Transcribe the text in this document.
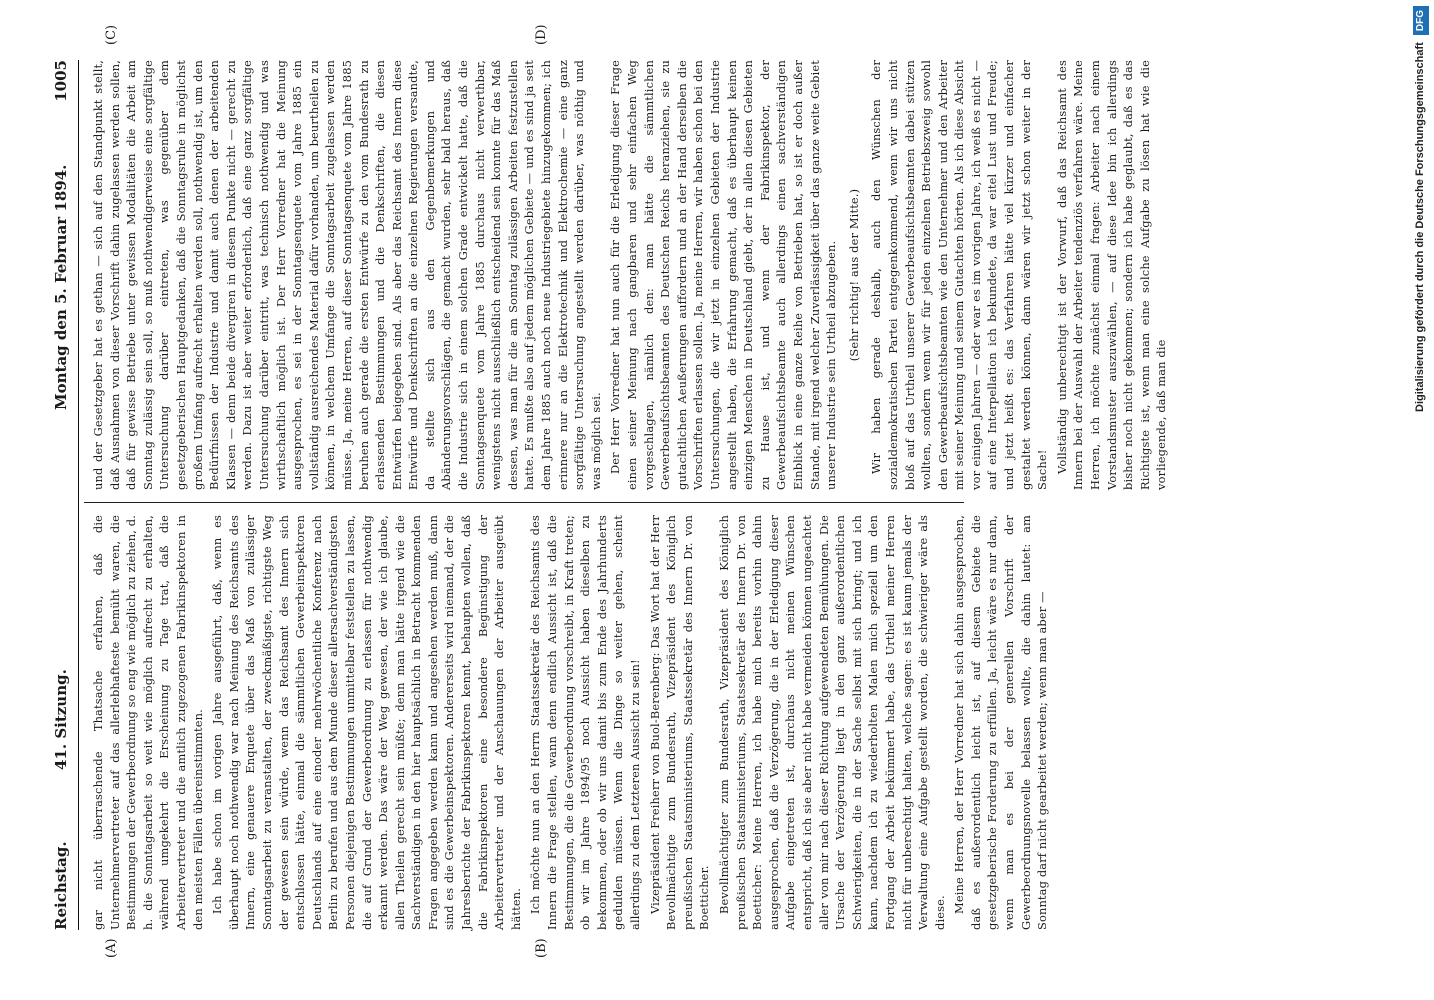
Reichstag.
41. Sitzung.
Montag den 5. Februar 1894.
1005
(A)	(B)
(C)	(D)

gar nicht überraschende Thatsache erfahren, daß die Unternehmervertreter auf das allerlebhafteste bemüht waren, die Bestimmungen der Gewerbeordnung so eng wie möglich zu ziehen, d. h. die Sonntagsarbeit so weit wie möglich aufrecht zu erhalten, während umgekehrt die Erscheinung zu Tage trat, daß die Arbeitervertreter und die amtlich zugezogenen Fabrikinspektoren in den meisten Fällen übereinstimmten. Ich habe schon im vorigen Jahre ausgeführt, daß, wenn es überhaupt noch nothwendig war nach Meinung des Reichsamts des Innern, eine genauere Enquete über das Maß von zulässiger Sonntagsarbeit zu veranstalten, der zweckmäßigste, richtigste Weg der gewesen sein würde, wenn das Reichsamt des Innern sich entschlossen hätte, einmal die sämmtlichen Gewerbeinspektoren Deutschlands auf eine einoder mehrwöchentliche Konferenz nach Berlin zu berufen und aus dem Munde dieser allersachverständigsten Personen diejenigen Bestimmungen unmittelbar feststellen zu lassen, die auf Grund der Gewerbeordnung zu erlassen für nothwendig erkannt werden. Das wäre der Weg gewesen, der wie ich glaube, allen Theilen gerecht sein müßte; denn man hätte irgend wie die Sachverständigen in den hier hauptsächlich in Betracht kommenden Fragen angegeben werden kann und angesehen werden muß, dann sind es die Gewerbeinspektoren. Andererseits wird niemand, der die Jahresberichte der Fabrikinspektoren kennt, behaupten wollen, daß die Fabrikinspektoren eine besondere Begünstigung der Arbeitervertreter und der Anschauungen der Arbeiter ausgeübt hätten. Ich möchte nun an den Herrn Staatssekretär des Reichsamts des Innern die Frage stellen, wann denn endlich Aussicht ist, daß die Bestimmungen, die die Gewerbeordnung vorschreibt, in Kraft treten; ob wir im Jahre 1894/95 noch Aussicht haben dieselben zu bekommen, oder ob wir uns damit bis zum Ende des Jahrhunderts gedulden müssen. Wenn die Dinge so weiter gehen, scheint allerdings zu dem Letzteren Aussicht zu sein! Vizepräsident Freiherr von Buol-Berenberg: Das Wort hat der Herr Bevollmächtigte zum Bundesrath, Vizepräsident des Königlich preußischen Staatsministeriums, Staatssekretär des Innern Dr. von Boetticher. Bevollmächtigter zum Bundesrath, Vizepräsident des Königlich preußischen Staatsministeriums, Staatssekretär des Innern Dr. von Boetticher: Meine Herren, ich habe mich bereits vorhin dahin ausgesprochen, daß die Verzögerung, die in der Erledigung dieser Aufgabe eingetreten ist, durchaus nicht meinen Wünschen entspricht, daß ich sie aber nicht habe vermeiden können ungeachtet aller von mir nach dieser Richtung aufgewendeten Bemühungen. Die Ursache der Verzögerung liegt in den ganz außerordentlichen Schwierigkeiten, die in der Sache selbst mit sich bringt; und ich kann, nachdem ich zu wiederholten Malen mich speziell um den Fortgang der Arbeit bekümmert habe, das Urtheil meiner Herren nicht für unberechtigt halten, welche sagen: es ist kaum jemals der Verwaltung eine Aufgabe gestellt worden, die schwieriger wäre als diese. Meine Herren, der Herr Vorredner hat sich dahin ausgesprochen, daß es außerordentlich leicht ist, auf diesem Gebiete die gesetzgeberische Forderung zu erfüllen. Ja, leicht wäre es nur dann, wenn man es bei der generellen Vorschrift der Gewerbeordnungsnovelle belassen wollte, die dahin lautet: am Sonntag darf nicht gearbeitet werden; wenn man aber —

und der Gesetzgeber hat es gethan — sich auf den Standpunkt stellt, daß Ausnahmen von dieser Vorschrift dahin zugelassen werden sollen, daß für gewisse Betriebe unter gewissen Modalitäten die Arbeit am Sonntag zulässig sein soll, so muß nothwendigerweise eine sorgfältige Untersuchung darüber eintreten, was gegenüber dem gesetzgeberischen Hauptgedanken, daß die Sonntagsruhe in möglichst großem Umfang aufrecht erhalten werden soll, nothwendig ist, um den Bedürfnissen der Industrie und damit auch denen der arbeitenden Klassen — denn beide divergiren in diesem Punkte nicht — gerecht zu werden. Dazu ist aber weiter erforderlich, daß eine ganz sorgfältige Untersuchung darüber eintritt, was technisch nothwendig und was wirthschaftlich möglich ist. Der Herr Vorredner hat die Meinung ausgesprochen, es sei in der Sonntagsenquete vom Jahre 1885 ein vollständig ausreichendes Material dafür vorhanden, um beurtheilen zu können, in welchem Umfange die Sonntagsarbeit zugelassen werden müsse. Ja, meine Herren, auf dieser Sonntagsenquete vom Jahre 1885 beruhen auch gerade die ersten Entwürfe zu den vom Bundesrath zu erlassenden Bestimmungen und die Denkschriften, die diesen Entwürfen beigegeben sind. Als aber das Reichsamt des Innern diese Entwürfe und Denkschriften an die einzelnen Regierungen versandte, da stellte sich aus den Gegenbemerkungen und Abänderungsvorschlägen, die gemacht wurden, sehr bald heraus, daß die Industrie sich in einem solchen Grade entwickelt hatte, daß die Sonntagsenquete vom Jahre 1885 durchaus nicht verwerthbar, wenigstens nicht ausschließlich entscheidend sein konnte für das Maß dessen, was man für die am Sonntag zulässigen Arbeiten festzustellen hatte. Es mußte also auf jedem möglichen Gebiete — und es sind ja seit dem Jahre 1885 auch noch neue Industriegebiete hinzugekommen; ich erinnere nur an die Elektrotechnik und Elektrochemie — eine ganz sorgfältige Untersuchung angestellt werden darüber, was nöthig und was möglich sei. Der Herr Vorredner hat nun auch für die Erledigung dieser Frage einen seiner Meinung nach gangbaren und sehr einfachen Weg vorgeschlagen, nämlich den: man hätte die sämmtlichen Gewerbeaufsichtsbeamten des Deutschen Reichs heranziehen, sie zu gutachtlichen Aeußerungen auffordern und an der Hand derselben die Vorschriften erlassen sollen. Ja, meine Herren, wir haben schon bei den Untersuchungen, die wir jetzt in einzelnen Gebieten der Industrie angestellt haben, die Erfahrung gemacht, daß es überhaupt keinen einzigen Menschen in Deutschland giebt, der in allen diesen Gebieten zu Hause ist, und wenn der Fabrikinspektor, der Gewerbeaufsichtsbeamte auch allerdings einen sachverständigen Einblick in eine ganze Reihe von Betrieben hat, so ist er doch außer Stande, mit irgend welcher Zuverlässigkeit über das ganze weite Gebiet unserer Industrie sein Urtheil abzugeben. (Sehr richtig! aus der Mitte.) Wir haben gerade deshalb, auch den Wünschen der sozialdemokratischen Partei entgegenkommend, wenn wir uns nicht bloß auf das Urtheil unserer Gewerbeaufsichtsbeamten dabei stützen wollten, sondern wenn wir für jeden einzelnen Betriebszweig sowohl den Gewerbeaufsichtsbeamten wie den Unternehmer und den Arbeiter mit seiner Meinung und seinem Gutachten hörten. Als ich diese Absicht vor einigen Jahren — oder war es im vorigen Jahre, ich weiß es nicht — auf eine Interpellation ich bekundete, da war eitel Lust und Freude; und jetzt heißt es: das Verfahren hätte viel kürzer und einfacher gestaltet werden können, dann wären wir jetzt schon weiter in der Sache! Vollständig unberechtigt ist der Vorwurf, daß das Reichsamt des Innern bei der Auswahl der Arbeiter tendenziös verfahren wäre. Meine Herren, ich möchte zunächst einmal fragen: Arbeiter nach einem Vorstandsmuster auszuwählen, — auf diese Idee bin ich allerdings bisher noch nicht gekommen; sondern ich habe geglaubt, daß es das Richtigste ist, wenn man eine solche Aufgabe zu lösen hat wie die vorliegende, daß man die

Digitalisierung gefördert durch die Deutsche Forschungsgemeinschaft DFG
